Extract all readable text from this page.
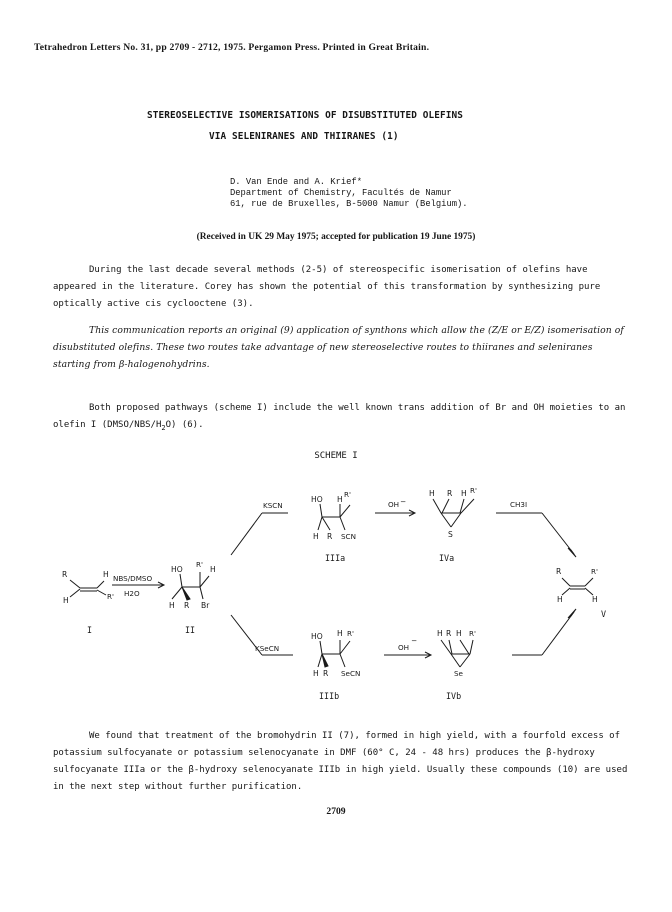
Tetrahedron Letters No. 31, pp 2709 - 2712, 1975. Pergamon Press. Printed in Great Britain.
STEREOSELECTIVE ISOMERISATIONS OF DISUBSTITUTED OLEFINS
VIA SELENIRANES AND THIIRANES (1)
D. Van Ende and A. Krief*
Department of Chemistry, Facultés de Namur
61, rue de Bruxelles, B-5000 Namur (Belgium).
(Received in UK 29 May 1975; accepted for publication 19 June 1975)
During the last decade several methods (2-5) of stereospecific isomerisation of olefins have appeared in the literature. Corey has shown the potential of this transformation by synthesizing pure optically active cis cyclooctene (3).
This communication reports an original (9) application of synthons which allow the (Z/E or E/Z) isomerisation of disubstituted olefins. These two routes take advantage of new stereoselective routes to thiiranes and seleniranes starting from β-halogenohydrins.
Both proposed pathways (scheme I) include the well known trans addition of Br and OH moieties to an olefin I $(DMSO/NBS/H_2O)$ (6).
SCHEME I
R	H
H	R'
I
NBS/DMSO
H2O
HO
R'
H
H R Br
II
KSCN
KSeCN
HO H
R'
H R SCN
IIIa
OH −
H R H R'
S
IVa
CH3I
R	R'
H	H
V
HO H R'
H R SeCN
IIIb
OH
−
H R H R'
Se
IVb
We found that treatment of the bromohydrin II (7), formed in high yield, with a fourfold excess of potassium sulfocyanate or potassium selenocyanate in DMF (60° C, 24 - 48 hrs) produces the β-hydroxy sulfocyanate IIIa or the β-hydroxy selenocyanate IIIb in high yield. Usually these compounds (10) are used in the next step without further purification.
2709
